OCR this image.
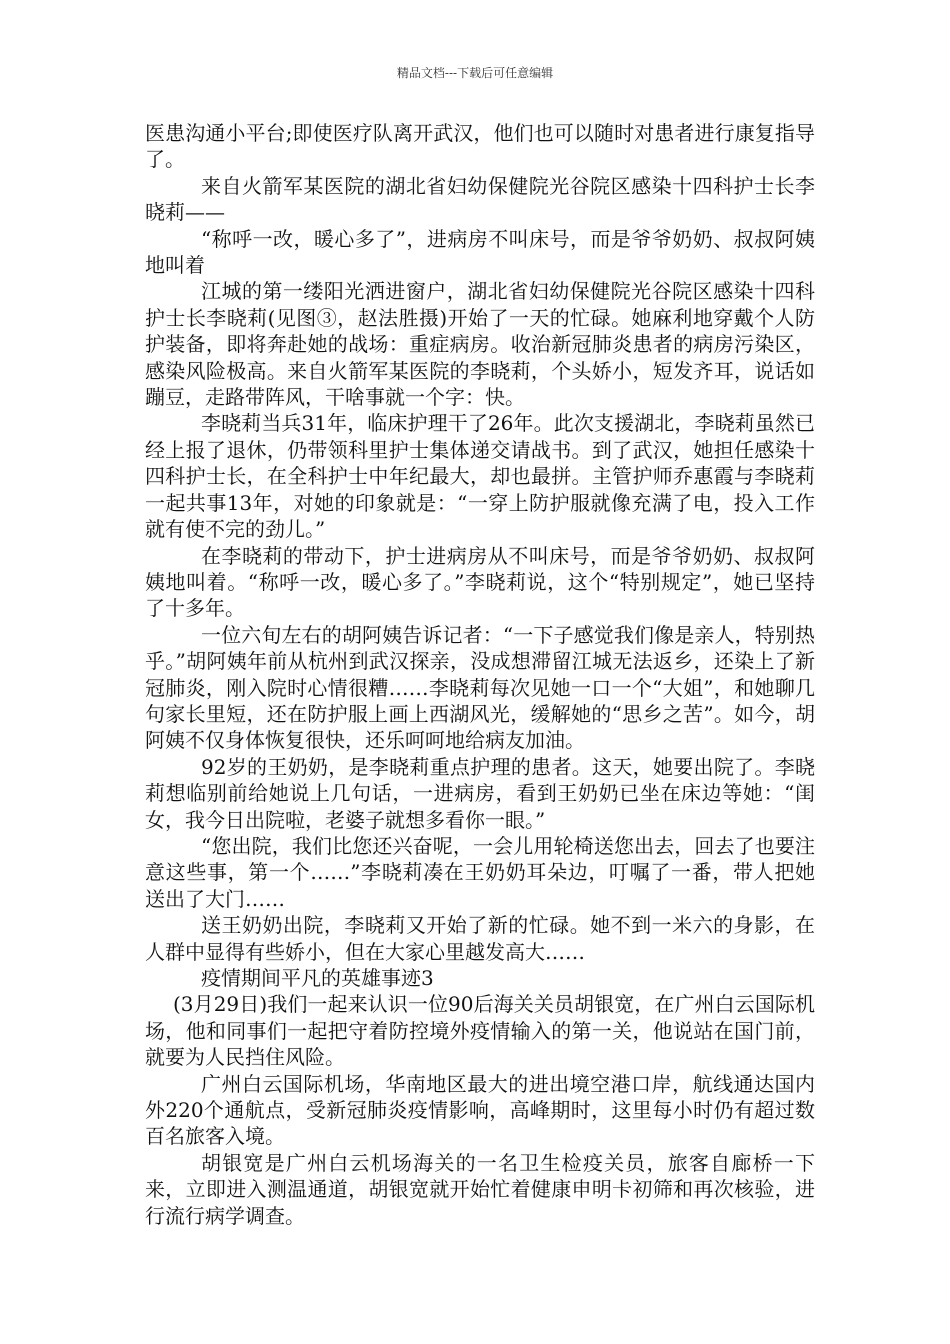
精品文档---下载后可任意编辑

医患沟通小平台;即使医疗队离开武汉，他们也可以随时对患者进行康复指导了。

来自火箭军某医院的湖北省妇幼保健院光谷院区感染十四科护士长李晓莉——

“称呼一改，暖心多了”，进病房不叫床号，而是爷爷奶奶、叔叔阿姨地叫着

江城的第一缕阳光洒进窗户，湖北省妇幼保健院光谷院区感染十四科护士长李晓莉(见图③，赵法胜摄)开始了一天的忙碌。她麻利地穿戴个人防护装备，即将奔赴她的战场：重症病房。收治新冠肺炎患者的病房污染区，感染风险极高。来自火箭军某医院的李晓莉，个头娇小，短发齐耳，说话如蹦豆，走路带阵风，干啥事就一个字：快。

李晓莉当兵31年，临床护理干了26年。此次支援湖北，李晓莉虽然已经上报了退休，仍带领科里护士集体递交请战书。到了武汉，她担任感染十四科护士长，在全科护士中年纪最大，却也最拼。主管护师乔惠霞与李晓莉一起共事13年，对她的印象就是：“一穿上防护服就像充满了电，投入工作就有使不完的劲儿。”

在李晓莉的带动下，护士进病房从不叫床号，而是爷爷奶奶、叔叔阿姨地叫着。“称呼一改，暖心多了。”李晓莉说，这个“特别规定”，她已坚持了十多年。

一位六旬左右的胡阿姨告诉记者：“一下子感觉我们像是亲人，特别热乎。”胡阿姨年前从杭州到武汉探亲，没成想滞留江城无法返乡，还染上了新冠肺炎，刚入院时心情很糟……李晓莉每次见她一口一个“大姐”，和她聊几句家长里短，还在防护服上画上西湖风光，缓解她的“思乡之苦”。如今，胡阿姨不仅身体恢复很快，还乐呵呵地给病友加油。

92岁的王奶奶，是李晓莉重点护理的患者。这天，她要出院了。李晓莉想临别前给她说上几句话，一进病房，看到王奶奶已坐在床边等她：“闺女，我今日出院啦，老婆子就想多看你一眼。”

“您出院，我们比您还兴奋呢，一会儿用轮椅送您出去，回去了也要注意这些事，第一个……”李晓莉凑在王奶奶耳朵边，叮嘱了一番，带人把她送出了大门……

送王奶奶出院，李晓莉又开始了新的忙碌。她不到一米六的身影，在人群中显得有些娇小，但在大家心里越发高大……

疫情期间平凡的英雄事迹3

(3月29日)我们一起来认识一位90后海关关员胡银宽，在广州白云国际机场，他和同事们一起把守着防控境外疫情输入的第一关，他说站在国门前，就要为人民挡住风险。

广州白云国际机场，华南地区最大的进出境空港口岸，航线通达国内外220个通航点，受新冠肺炎疫情影响，高峰期时，这里每小时仍有超过数百名旅客入境。

胡银宽是广州白云机场海关的一名卫生检疫关员，旅客自廊桥一下来，立即进入测温通道，胡银宽就开始忙着健康申明卡初筛和再次核验，进行流行病学调查。
